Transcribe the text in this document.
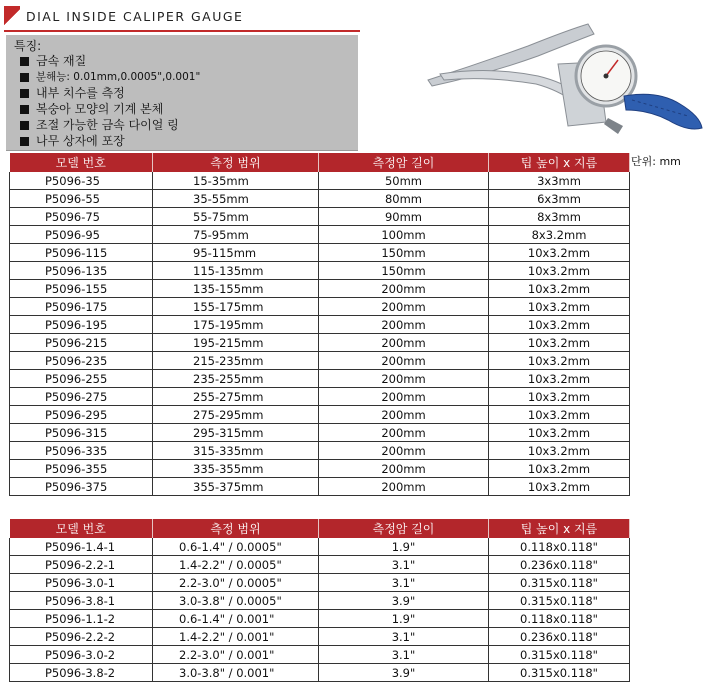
DIAL INSIDE CALIPER GAUGE
특징:
금속 재질
분해능: 0.01mm,0.0005",0.001"
내부 치수를 측정
복숭아 모양의 기계 본체
조절 가능한 금속 다이얼 링
나무 상자에 포장
단위: mm
모델 번호	측정 범위	측정암 길이	팁 높이 x 지름
P5096-35	15-35mm	50mm	3x3mm
P5096-55	35-55mm	80mm	6x3mm
P5096-75	55-75mm	90mm	8x3mm
P5096-95	75-95mm	100mm	8x3.2mm
P5096-115	95-115mm	150mm	10x3.2mm
P5096-135	115-135mm	150mm	10x3.2mm
P5096-155	135-155mm	200mm	10x3.2mm
P5096-175	155-175mm	200mm	10x3.2mm
P5096-195	175-195mm	200mm	10x3.2mm
P5096-215	195-215mm	200mm	10x3.2mm
P5096-235	215-235mm	200mm	10x3.2mm
P5096-255	235-255mm	200mm	10x3.2mm
P5096-275	255-275mm	200mm	10x3.2mm
P5096-295	275-295mm	200mm	10x3.2mm
P5096-315	295-315mm	200mm	10x3.2mm
P5096-335	315-335mm	200mm	10x3.2mm
P5096-355	335-355mm	200mm	10x3.2mm
P5096-375	355-375mm	200mm	10x3.2mm
모델 번호	측정 범위	측정암 길이	팁 높이 x 지름
P5096-1.4-1	0.6-1.4" / 0.0005"	1.9"	0.118x0.118"
P5096-2.2-1	1.4-2.2" / 0.0005"	3.1"	0.236x0.118"
P5096-3.0-1	2.2-3.0" / 0.0005"	3.1"	0.315x0.118"
P5096-3.8-1	3.0-3.8" / 0.0005"	3.9"	0.315x0.118"
P5096-1.1-2	0.6-1.4" / 0.001"	1.9"	0.118x0.118"
P5096-2.2-2	1.4-2.2" / 0.001"	3.1"	0.236x0.118"
P5096-3.0-2	2.2-3.0" / 0.001"	3.1"	0.315x0.118"
P5096-3.8-2	3.0-3.8" / 0.001"	3.9"	0.315x0.118"
